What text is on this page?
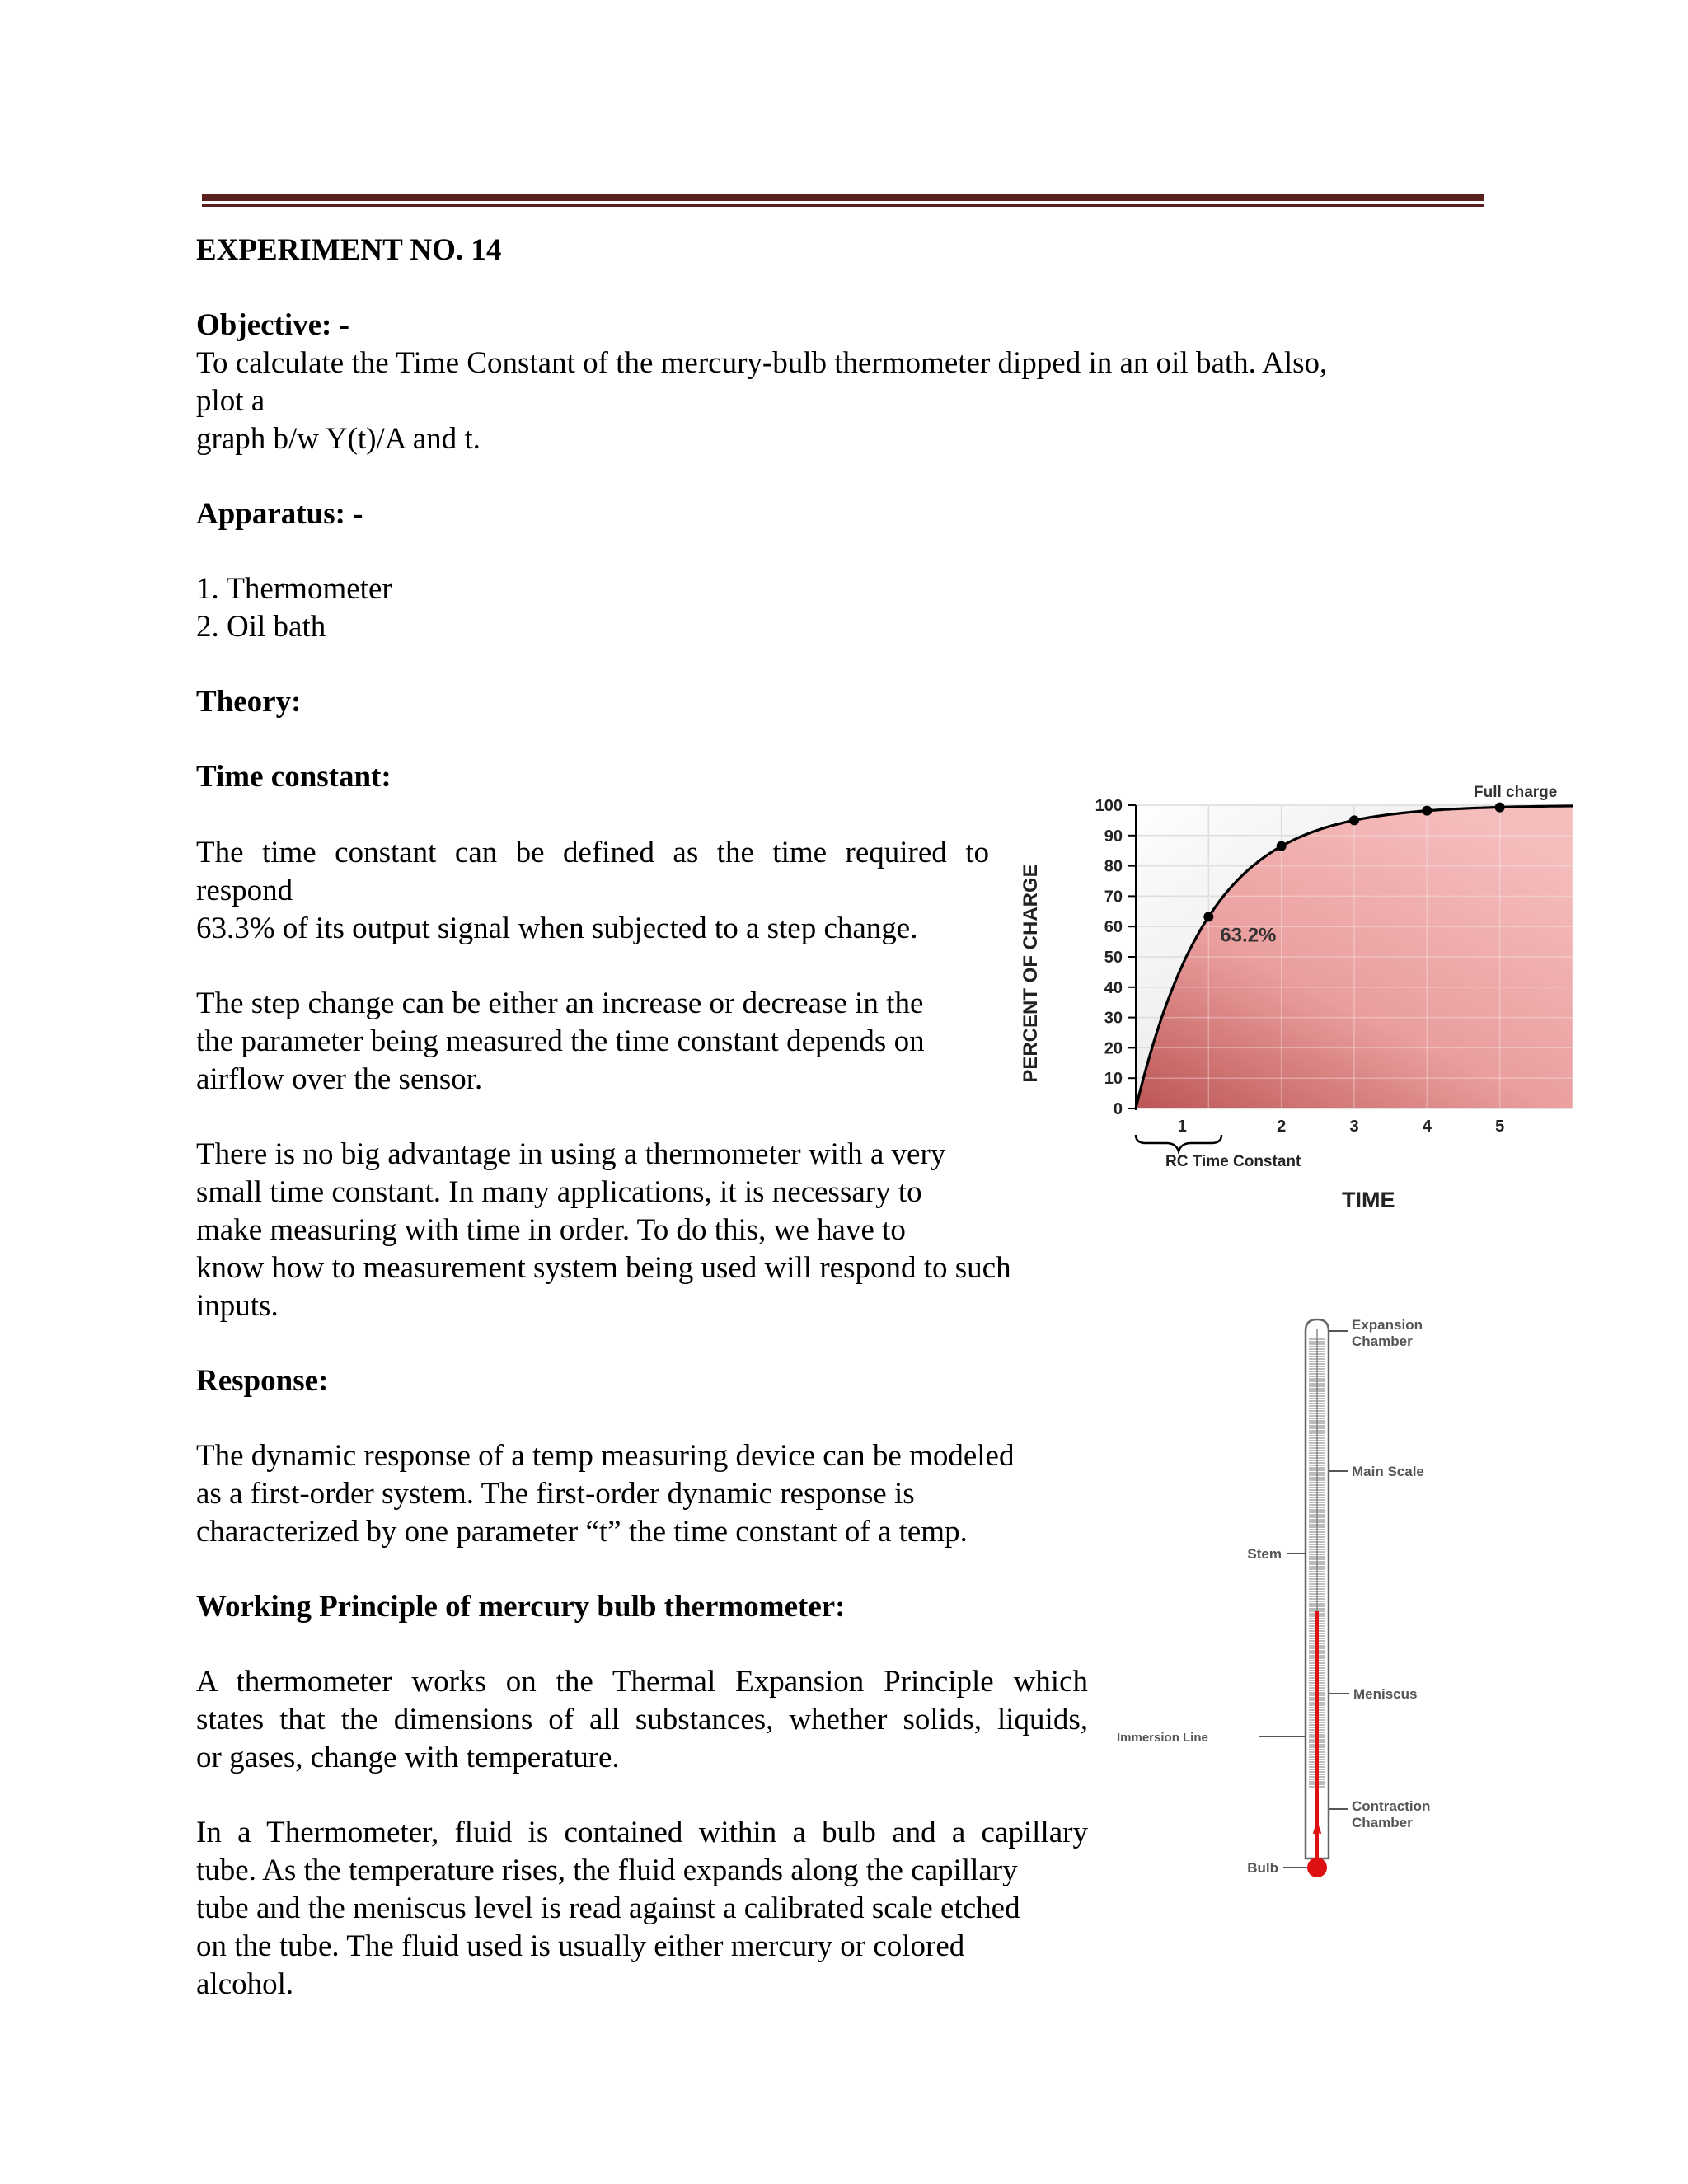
EXPERIMENT NO. 14

Objective: -

To calculate the Time Constant of the mercury-bulb thermometer dipped in an oil bath. Also,

plot a

graph b/w Y(t)/A and t.

Apparatus: -

1. Thermometer

2. Oil bath

Theory:

Time constant:

The time constant can be defined as the time required to

respond

63.3% of its output signal when subjected to a step change.

The step change can be either an increase or decrease in the

the parameter being measured the time constant depends on

airflow over the sensor.

There is no big advantage in using a thermometer with a very

small time constant. In many applications, it is necessary to

make measuring with time in order. To do this, we have to

know how to measurement system being used will respond to such

inputs.

Response:

The dynamic response of a temp measuring device can be modeled

as a first-order system. The first-order dynamic response is

characterized by one parameter “t” the time constant of a temp.

Working Principle of mercury bulb thermometer:

A thermometer works on the Thermal Expansion Principle which

states that the dimensions of all substances, whether solids, liquids,

or gases, change with temperature.

In a Thermometer, fluid is contained within a bulb and a capillary

tube. As the temperature rises, the fluid expands along the capillary

tube and the meniscus level is read against a calibrated scale etched

on the tube. The fluid used is usually either mercury or colored

alcohol.

0
10
20
30
40
50
60
70
80
90
100
1	2	3	4	5
PERCENT OF CHARGE	63.2%
Full charge
RC Time Constant
TIME
Expansion
Chamber
Main Scale
Stem
Meniscus
Immersion Line
Contraction
Chamber
Bulb
